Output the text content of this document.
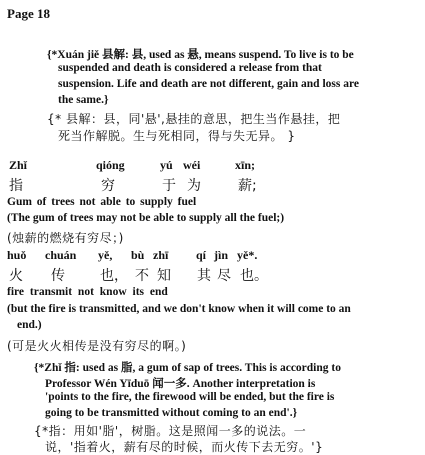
Page 18
{*Xuán jiě 县解: 县, used as 悬, means suspend. To live is to be
suspended and death is considered a release from that
suspension. Life and death are not different, gain and loss are
the same.}
{* 县解：县，同'悬',悬挂的意思，把生当作悬挂，把
死当作解脱。生与死相同，得与失无异。 }
Zhǐ	qióng	yú wéi	xīn;
指	穷	于 为	薪;
Gum of trees not able to supply fuel
(The gum of trees may not be able to supply all the fuel;)
(烛薪的燃烧有穷尽；)
huǒ chuán yě, bù zhī qí jìn yě*.
火 传	也， 不 知 其 尽 也。
fire transmit not know its end
(but the fire is transmitted, and we don't know when it will come to an
end.)
(可是火火相传是没有穷尽的啊。)
{*Zhǐ 指: used as 脂, a gum of sap of trees. This is according to
Professor Wén Yīduō 闻一多. Another interpretation is
'points to the fire, the firewood will be ended, but the fire is
going to be transmitted without coming to an end'.}
{*指：用如'脂'，树脂。这是照闻一多的说法。一
说，'指着火，薪有尽的时候，而火传下去无穷。'}
